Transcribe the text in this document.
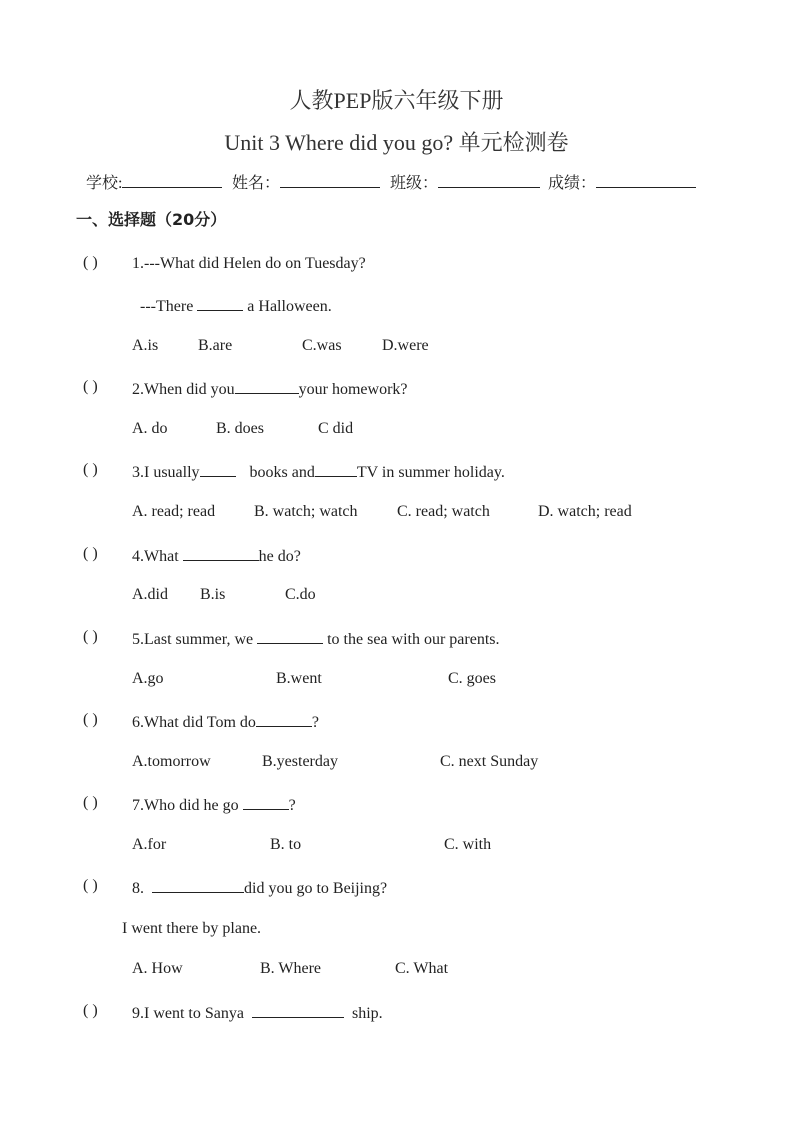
人教PEP版六年级下册
Unit 3 Where did you go? 单元检测卷
学校:	姓名：	班级：	成绩：
一、选择题（20分）
( ) 1.---What did Helen do on Tuesday?
---There	a Halloween.
A.is B.are	C.was	D.were
( ) 2.When did you	your homework?
A. do	B. does	C did
( ) 3.I usually	books and	TV in summer holiday.
A. read; read B. watch; watch C. read; watch	D. watch; read
( ) 4.What	he do?
A.did B.is	C.do
( ) 5.Last summer, we	to the sea with our parents.
A.go	B.went	C. goes
( ) 6.What did Tom do	?
A.tomorrow	B.yesterday	C. next Sunday
( ) 7.Who did he go	?
A.for	B. to	C. with
( ) 8.	did you go to Beijing?
I went there by plane.
A. How	B. Where	C. What
( ) 9.I went to Sanya	ship.
